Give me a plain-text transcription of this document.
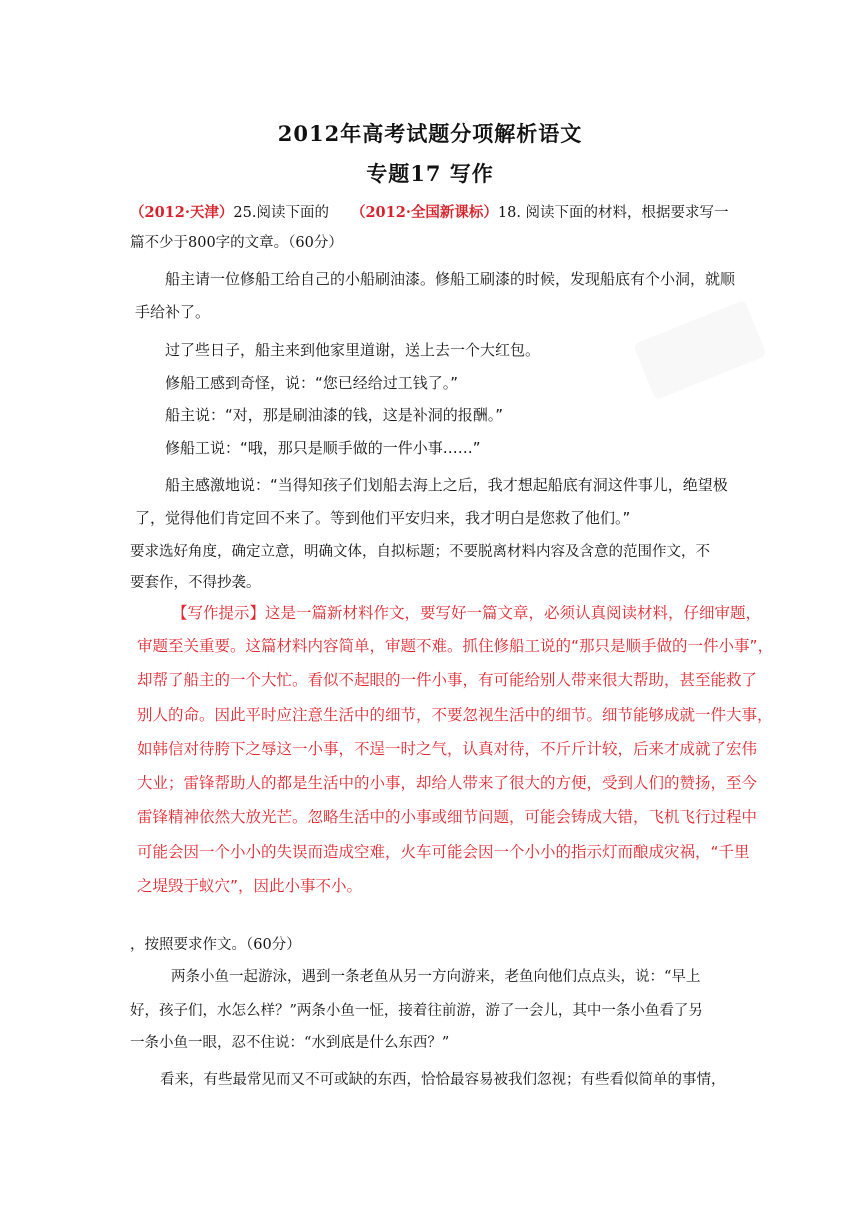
2012年高考试题分项解析语文
专题17 写作
（2012·天津）25.阅读下面的 （2012·全国新课标）18. 阅读下面的材料，根据要求写一
篇不少于800字的文章。（60分）
船主请一位修船工给自己的小船刷油漆。修船工刷漆的时候，发现船底有个小洞，就顺
手给补了。
过了些日子，船主来到他家里道谢，送上去一个大红包。
修船工感到奇怪，说：“您已经给过工钱了。”
船主说：“对，那是刷油漆的钱，这是补洞的报酬。”
修船工说：“哦，那只是顺手做的一件小事……”
船主感激地说：“当得知孩子们划船去海上之后，我才想起船底有洞这件事儿，绝望极
了，觉得他们肯定回不来了。等到他们平安归来，我才明白是您救了他们。”
要求选好角度，确定立意，明确文体，自拟标题；不要脱离材料内容及含意的范围作文，不
要套作，不得抄袭。
【写作提示】这是一篇新材料作文，要写好一篇文章，必须认真阅读材料，仔细审题，
审题至关重要。这篇材料内容简单，审题不难。抓住修船工说的“那只是顺手做的一件小事”，
却帮了船主的一个大忙。看似不起眼的一件小事，有可能给别人带来很大帮助，甚至能救了
别人的命。因此平时应注意生活中的细节，不要忽视生活中的细节。细节能够成就一件大事，
如韩信对待胯下之辱这一小事，不逞一时之气，认真对待，不斤斤计较，后来才成就了宏伟
大业；雷锋帮助人的都是生活中的小事，却给人带来了很大的方便，受到人们的赞扬，至今
雷锋精神依然大放光芒。忽略生活中的小事或细节问题，可能会铸成大错，飞机飞行过程中
可能会因一个小小的失误而造成空难，火车可能会因一个小小的指示灯而酿成灾祸，“千里
之堤毁于蚁穴”，因此小事不小。
，按照要求作文。（60分）
两条小鱼一起游泳，遇到一条老鱼从另一方向游来，老鱼向他们点点头，说：“早上
好，孩子们，水怎么样？”两条小鱼一怔，接着往前游，游了一会儿，其中一条小鱼看了另
一条小鱼一眼，忍不住说：“水到底是什么东西？”
看来，有些最常见而又不可或缺的东西，恰恰最容易被我们忽视；有些看似简单的事情，
